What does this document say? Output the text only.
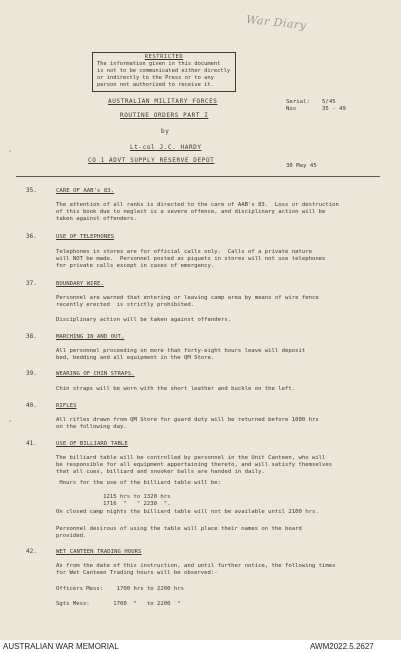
War Diary
RESTRICTED
The information given in this document
is not to be communicated either directly
or indirectly to the Press or to any
person not authorized to receive it.
AUSTRALIAN MILITARY FORCES	Serial: 5/45
Nos	35 - 49
ROUTINE ORDERS PART I
by
Lt-col J.C. HARDY
CO 1 ADVT SUPPLY RESERVE DEPOT
30 May 45
35.	CARE OF AAB's 83.
The attention of all ranks is directed to the care of AAB's 83.  Loss or destruction
of this book due to neglect is a severe offence, and disciplinary action will be
taken against offenders.
36.	USE OF TELEPHONES
Telephones in stores are for official calls only.  Calls of a private nature
will NOT be made.  Personnel posted as piquets in stores will not use telephones
for private calls except in cases of emergency.
37.	BOUNDARY WIRE.
Personnel are warned that entering or leaving camp area by means of wire fence
recently erected  is strictly prohibited.
Disciplinary action will be taken against offenders.
38.	MARCHING IN AND OUT.
All personnel proceeding on more than forty-eight hours leave will deposit
bed, bedding and all equipment in the QM Store.
39.	WEARING OF CHIN STRAPS.
Chin straps will be worn with the short leather and buckle on the left.
40.	RIFLES
All rifles drawn from QM Store for guard duty will be returned before 1000 hrs
on the following day.
41.	USE OF BILLIARD TABLE
The billiard table will be controlled by personnel in the Unit Canteen, who will
be responsible for all equipment appertaining thereto, and will satisfy themselves
that all cues, billiard and snooker balls are handed in daily.
Hours for the use of the billiard table will be:
1215 hrs to 1320 hrs
1716  "   " 2230  ".
On closed camp nights the billiard table will not be available until 2100 hrs.
Personnel desirous of using the table will place their names on the board
provided.
42.	WET CANTEEN TRADING HOURS
As from the date of this instruction, and until further notice, the following times
for Wet Canteen Trading hours will be observed:-
Officers Mess:    1700 hrs to 2200 hrs
Sgts Mess:       1700  "   to 2200  "
AUSTRALIAN WAR MEMORIAL	AWM2022.5.2627
